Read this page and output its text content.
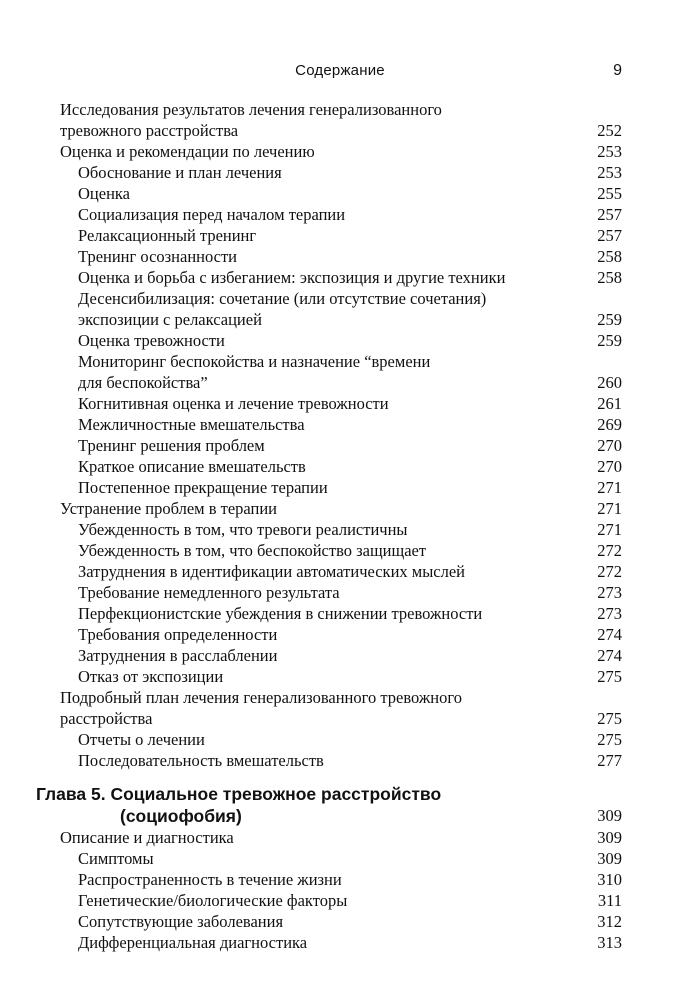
Содержание	9
Исследования результатов лечения генерализованного
тревожного расстройства	252
Оценка и рекомендации по лечению	253
Обоснование и план лечения	253
Оценка	255
Социализация перед началом терапии	257
Релаксационный тренинг	257
Тренинг осознанности	258
Оценка и борьба с избеганием: экспозиция и другие техники	258
Десенсибилизация: сочетание (или отсутствие сочетания)
экспозиции с релаксацией	259
Оценка тревожности	259
Мониторинг беспокойства и назначение “времени
для беспокойства”	260
Когнитивная оценка и лечение тревожности	261
Межличностные вмешательства	269
Тренинг решения проблем	270
Краткое описание вмешательств	270
Постепенное прекращение терапии	271
Устранение проблем в терапии	271
Убежденность в том, что тревоги реалистичны	271
Убежденность в том, что беспокойство защищает	272
Затруднения в идентификации автоматических мыслей	272
Требование немедленного результата	273
Перфекционистские убеждения в снижении тревожности	273
Требования определенности	274
Затруднения в расслаблении	274
Отказ от экспозиции	275
Подробный план лечения генерализованного тревожного
расстройства	275
Отчеты о лечении	275
Последовательность вмешательств	277
Глава 5. Социальное тревожное расстройство
(социофобия)	309
Описание и диагностика	309
Симптомы	309
Распространенность в течение жизни	310
Генетические/биологические факторы	311
Сопутствующие заболевания	312
Дифференциальная диагностика	313
